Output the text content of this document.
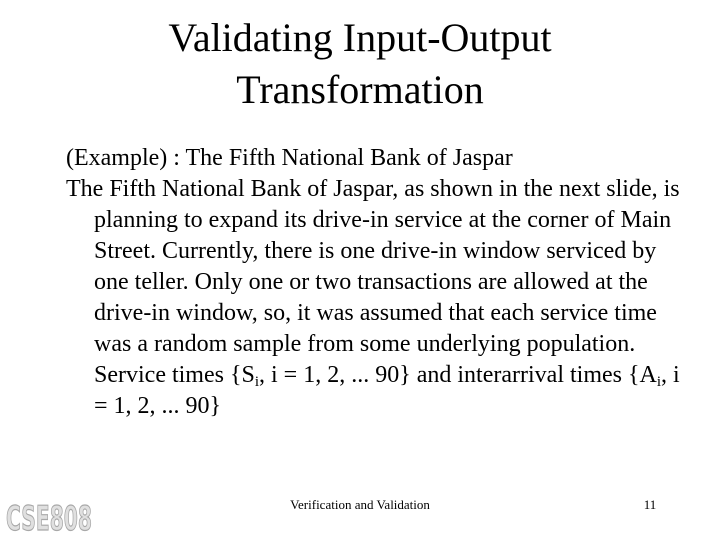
Validating Input-Output
Transformation

(Example) : The Fifth National Bank of Jaspar

The Fifth National Bank of Jaspar, as shown in the next slide, is planning to expand its drive-in service at the corner of Main Street. Currently, there is one drive-in window serviced by one teller. Only one or two transactions are allowed at the drive-in window, so, it was assumed that each service time was a random sample from some underlying population. Service times {$S_i$, i = 1, 2, ... 90} and interarrival times {$A_i$, i = 1, 2, ... 90}

CSE808	Verification and Validation	11
